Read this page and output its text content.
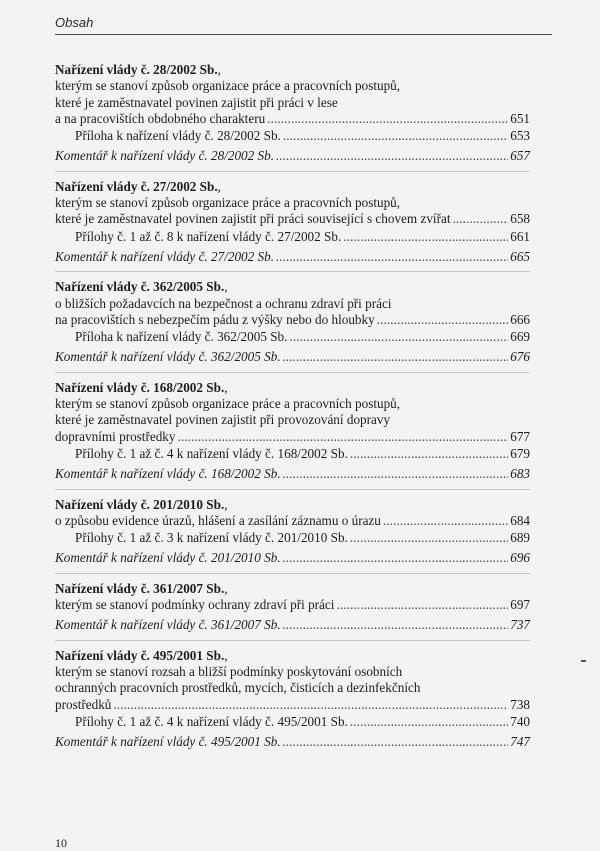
Obsah
Nařízení vlády č. 28/2002 Sb.,
kterým se stanoví způsob organizace práce a pracovních postupů,
které je zaměstnavatel povinen zajistit při práci v lese
a na pracovištích obdobného charakteru . . .	651
Příloha k nařízení vlády č. 28/2002 Sb. . . .	653
Komentář k nařízení vlády č. 28/2002 Sb. . . .	657
Nařízení vlády č. 27/2002 Sb.,
kterým se stanoví způsob organizace práce a pracovních postupů,
které je zaměstnavatel povinen zajistit při práci související s chovem zvířat . . .	658
Přílohy č. 1 až č. 8 k nařízení vlády č. 27/2002 Sb. . . .	661
Komentář k nařízení vlády č. 27/2002 Sb. . . .	665
Nařízení vlády č. 362/2005 Sb.,
o bližších požadavcích na bezpečnost a ochranu zdraví při práci
na pracovištích s nebezpečím pádu z výšky nebo do hloubky . . .	666
Příloha k nařízení vlády č. 362/2005 Sb. . . .	669
Komentář k nařízení vlády č. 362/2005 Sb. . . .	676
Nařízení vlády č. 168/2002 Sb.,
kterým se stanoví způsob organizace práce a pracovních postupů,
které je zaměstnavatel povinen zajistit při provozování dopravy
dopravními prostředky . . .	677
Přílohy č. 1 až č. 4 k nařízení vlády č. 168/2002 Sb. . . .	679
Komentář k nařízení vlády č. 168/2002 Sb. . . .	683
Nařízení vlády č. 201/2010 Sb.,
o způsobu evidence úrazů, hlášení a zasílání záznamu o úrazu . . .	684
Přílohy č. 1 až č. 3 k nařízení vlády č. 201/2010 Sb. . . .	689
Komentář k nařízení vlády č. 201/2010 Sb. . . .	696
Nařízení vlády č. 361/2007 Sb.,
kterým se stanoví podmínky ochrany zdraví při práci . . .	697
Komentář k nařízení vlády č. 361/2007 Sb. . . .	737
Nařízení vlády č. 495/2001 Sb.,
kterým se stanoví rozsah a bližší podmínky poskytování osobních
ochranných pracovních prostředků, mycích, čisticích a dezinfekčních
prostředků . . .	738
Přílohy č. 1 až č. 4 k nařízení vlády č. 495/2001 Sb. . . .	740
Komentář k nařízení vlády č. 495/2001 Sb. . . .	747
10
